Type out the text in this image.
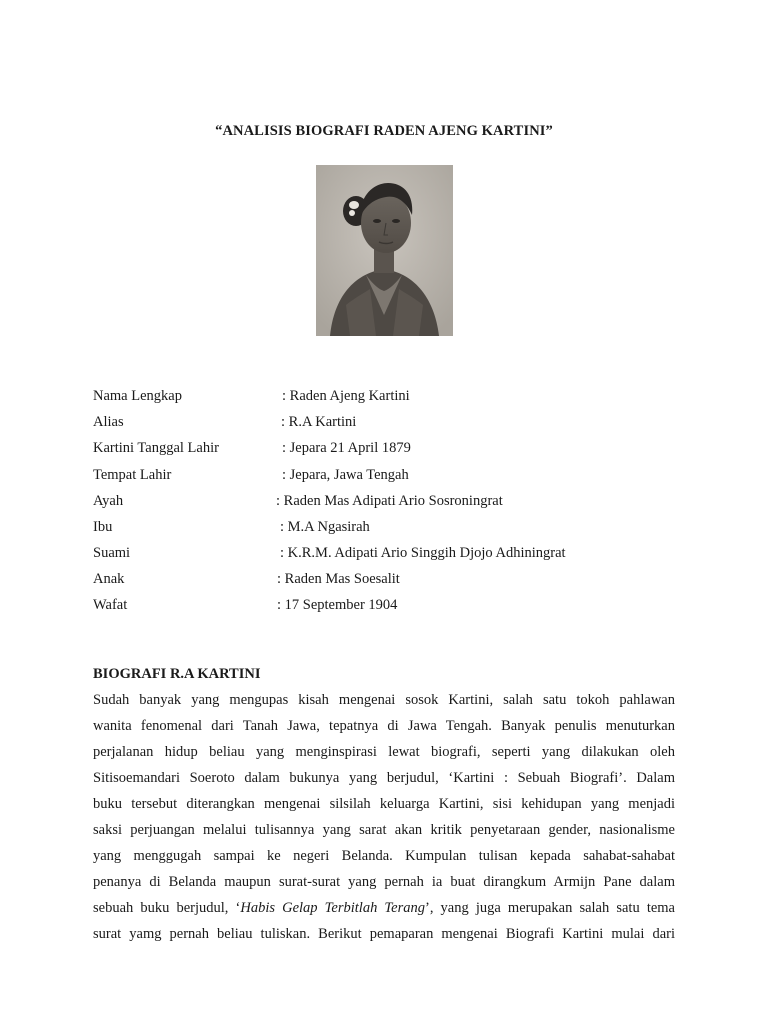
“ANALISIS BIOGRAFI RADEN AJENG KARTINI”
Nama Lengkap	: Raden Ajeng Kartini
Alias	: R.A Kartini
Kartini Tanggal Lahir	: Jepara 21 April 1879
Tempat Lahir	: Jepara, Jawa Tengah
Ayah	: Raden Mas Adipati Ario Sosroningrat
Ibu	: M.A Ngasirah
Suami	: K.R.M. Adipati Ario Singgih Djojo Adhiningrat
Anak	: Raden Mas Soesalit
Wafat	: 17 September 1904
BIOGRAFI R.A KARTINI
Sudah banyak yang mengupas kisah mengenai sosok Kartini, salah satu tokoh pahlawan
wanita fenomenal dari Tanah Jawa, tepatnya di Jawa Tengah. Banyak penulis menuturkan
perjalanan hidup beliau yang menginspirasi lewat biografi, seperti yang dilakukan oleh
Sitisoemandari Soeroto dalam bukunya yang berjudul, ‘Kartini : Sebuah Biografi’. Dalam
buku tersebut diterangkan mengenai silsilah keluarga Kartini, sisi kehidupan yang menjadi
saksi perjuangan melalui tulisannya yang sarat akan kritik penyetaraan gender, nasionalisme
yang menggugah sampai ke negeri Belanda. Kumpulan tulisan kepada sahabat-sahabat
penanya di Belanda maupun surat-surat yang pernah ia buat dirangkum Armijn Pane dalam
sebuah buku berjudul, ‘Habis Gelap Terbitlah Terang’, yang juga merupakan salah satu tema
surat yamg pernah beliau tuliskan. Berikut pemaparan mengenai Biografi Kartini mulai dari
